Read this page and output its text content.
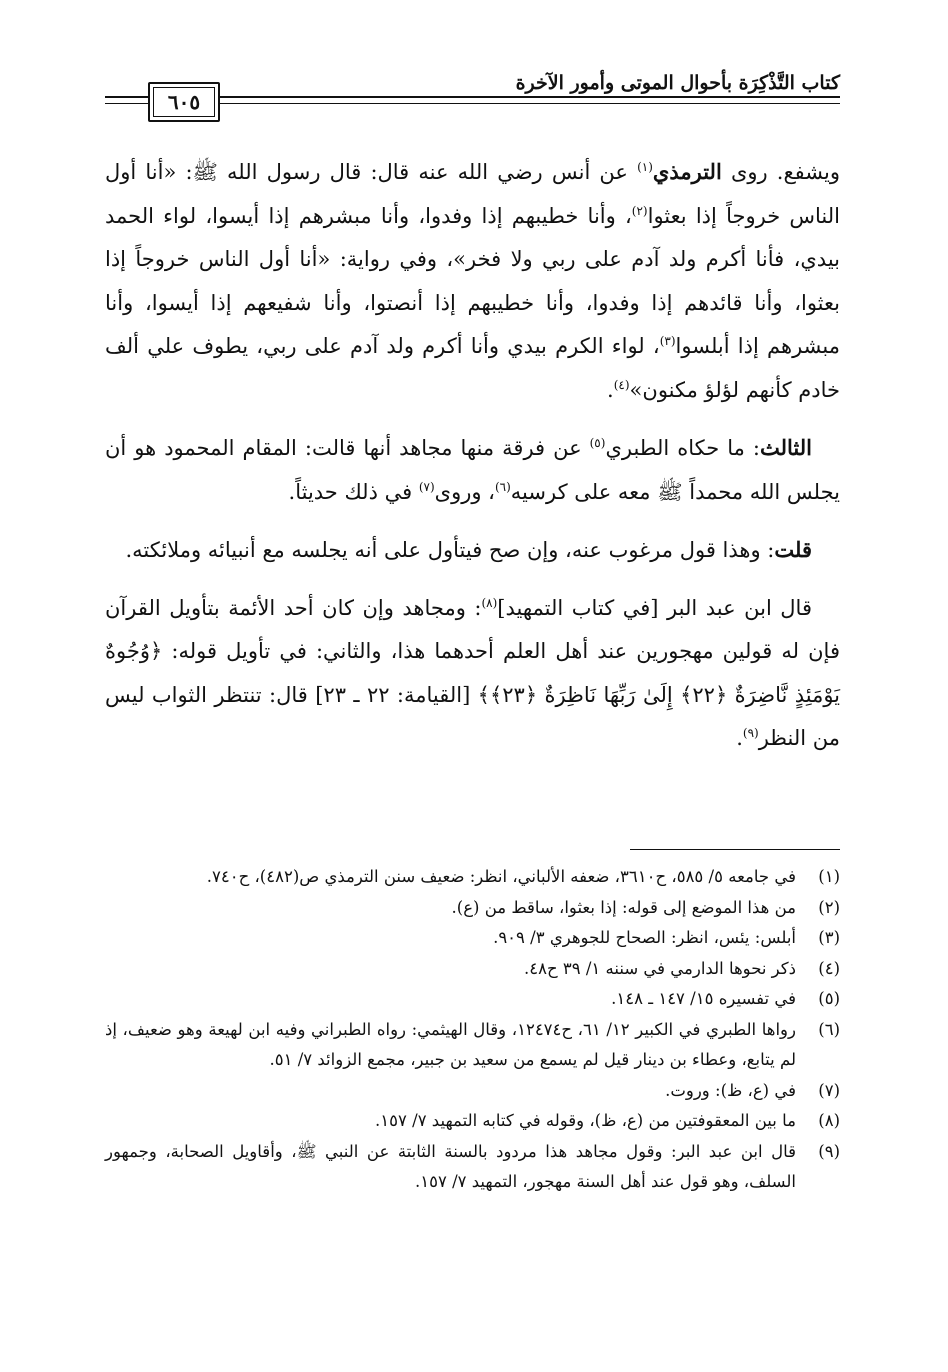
كتاب التَّذْكِرَة بأحوال الموتى وأمور الآخرة
٦٠٥

ويشفع. روى الترمذي$^{(١)}$ عن أنس رضي الله عنه قال: قال رسول الله ﷺ: «أنا أول الناس خروجاً إذا بعثوا$^{(٢)}$، وأنا خطيبهم إذا وفدوا، وأنا مبشرهم إذا أيسوا، لواء الحمد بيدي، فأنا أكرم ولد آدم على ربي ولا فخر»، وفي رواية: «أنا أول الناس خروجاً إذا بعثوا، وأنا قائدهم إذا وفدوا، وأنا خطيبهم إذا أنصتوا، وأنا شفيعهم إذا أيسوا، وأنا مبشرهم إذا أبلسوا$^{(٣)}$، لواء الكرم بيدي وأنا أكرم ولد آدم على ربي، يطوف علي ألف خادم كأنهم لؤلؤ مكنون»$^{(٤)}$.

الثالث: ما حكاه الطبري$^{(٥)}$ عن فرقة منها مجاهد أنها قالت: المقام المحمود هو أن يجلس الله محمداً ﷺ معه على كرسيه$^{(٦)}$، وروى$^{(٧)}$ في ذلك حديثاً.

قلت: وهذا قول مرغوب عنه، وإن صح فيتأول على أنه يجلسه مع أنبيائه وملائكته.

قال ابن عبد البر [في كتاب التمهيد]$^{(٨)}$: ومجاهد وإن كان أحد الأئمة بتأويل القرآن فإن له قولين مهجورين عند أهل العلم أحدهما هذا، والثاني: في تأويل قوله: ﴿وُجُوهٌ يَوْمَئِذٍ نَّاضِرَةٌ ﴿٢٢﴾ إِلَىٰ رَبِّهَا نَاظِرَةٌ ﴿٢٣﴾﴾ [القيامة: ٢٢ ـ ٢٣] قال: تنتظر الثواب ليس من النظر$^{(٩)}$.

(١)
في جامعه ٥/ ٥٨٥، ح٣٦١٠، ضعفه الألباني، انظر: ضعيف سنن الترمذي ص(٤٨٢)، ح٧٤٠.
(٢)
من هذا الموضع إلى قوله: إذا بعثوا، ساقط من (ع).
(٣)
أبلس: يئس، انظر: الصحاح للجوهري ٣/ ٩٠٩.
(٤)
ذكر نحوها الدارمي في سننه ١/ ٣٩ ح٤٨.
(٥)
في تفسيره ١٥/ ١٤٧ ـ ١٤٨.
(٦)
رواها الطبري في الكبير ١٢/ ٦١، ح١٢٤٧٤، وقال الهيثمي: رواه الطبراني وفيه ابن لهيعة وهو ضعيف، إذ لم يتابع، وعطاء بن دينار قيل لم يسمع من سعيد بن جبير، مجمع الزوائد ٧/ ٥١.
(٧)
في (ع، ظ): وروت.
(٨)
ما بين المعقوفتين من (ع، ظ)، وقوله في كتابه التمهيد ٧/ ١٥٧.
(٩)
قال ابن عبد البر: وقول مجاهد هذا مردود بالسنة الثابتة عن النبي ﷺ، وأقاويل الصحابة، وجمهور السلف، وهو قول عند أهل السنة مهجور، التمهيد ٧/ ١٥٧.
